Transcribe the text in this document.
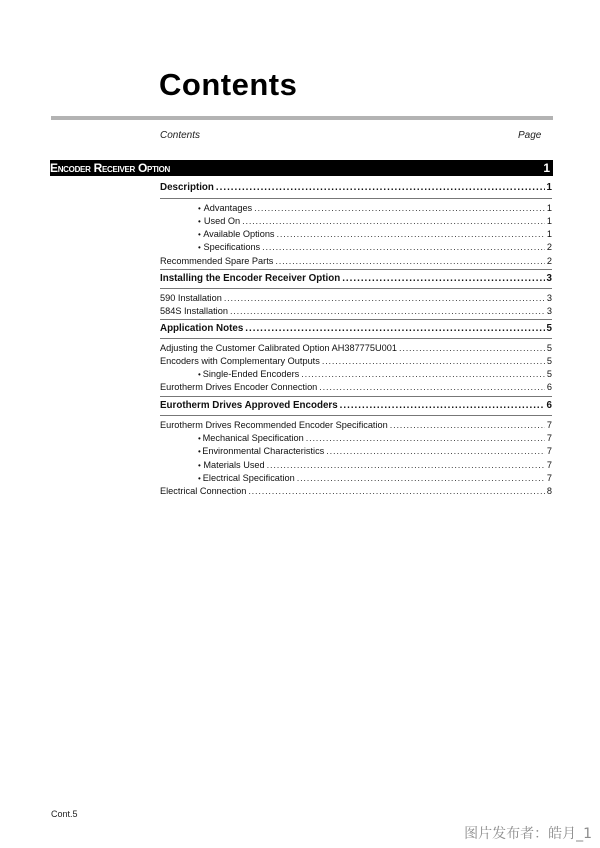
Contents
Contents	Page
Encoder Receiver Option	1
Description .....	1
• Advantages .....	1
• Used On .....	1
• Available Options .....	1
• Specifications .....	2
Recommended Spare Parts .....	2
Installing the Encoder Receiver Option .....	3
590 Installation .....	3
584S Installation .....	3
Application Notes .....	5
Adjusting the Customer Calibrated Option AH387775U001 .....	5
Encoders with Complementary Outputs .....	5
• Single-Ended Encoders .....	5
Eurotherm Drives Encoder Connection .....	6
Eurotherm Drives Approved Encoders .....	6
Eurotherm Drives Recommended Encoder Specification .....	7
• Mechanical Specification .....	7
• Environmental Characteristics .....	7
• Materials Used .....	7
• Electrical Specification .....	7
Electrical Connection .....	8
Cont.5
图片发布者：皓月_1
